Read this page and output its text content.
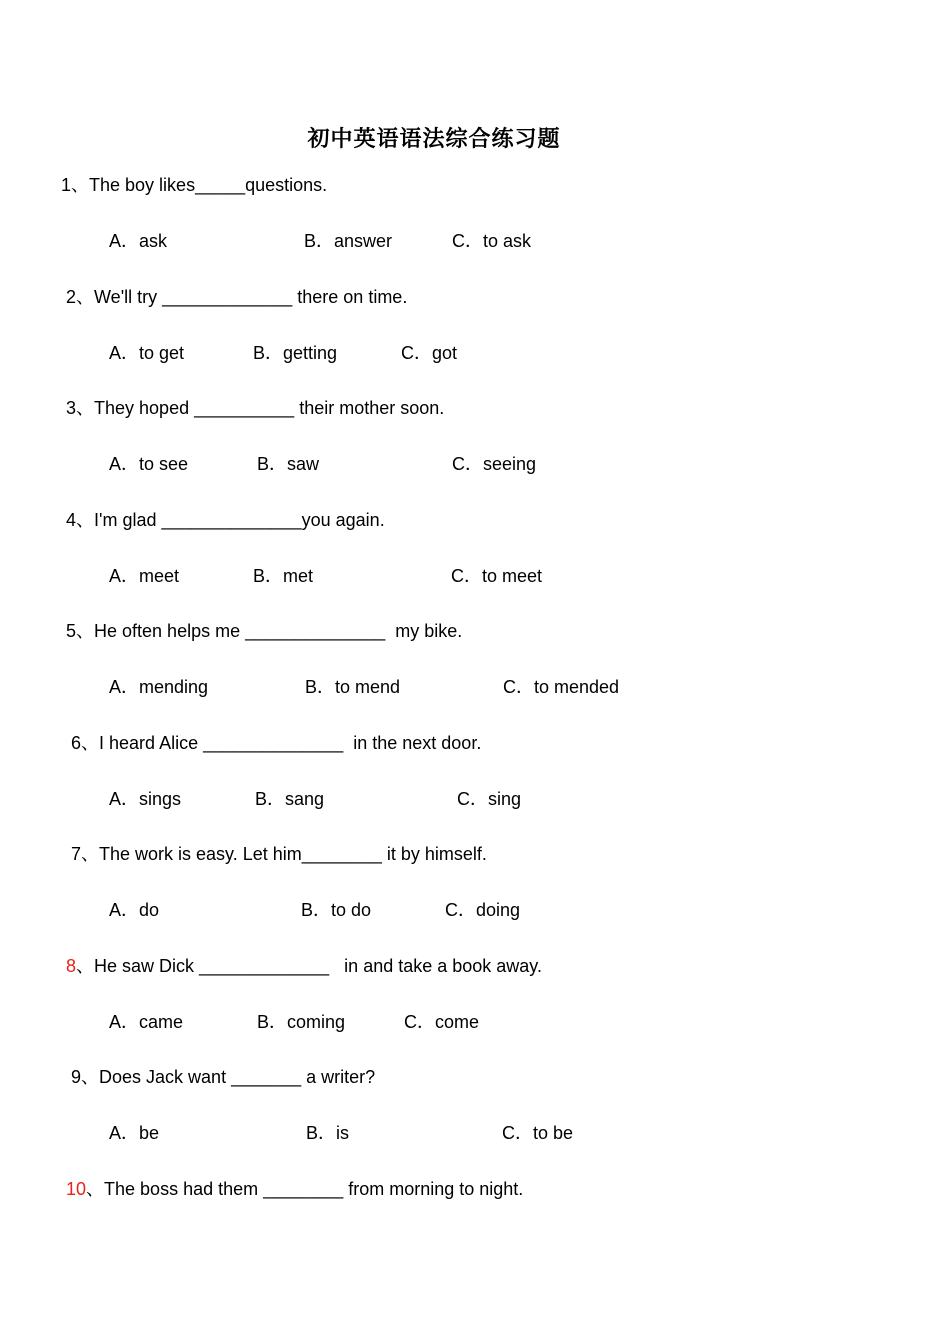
初中英语语法综合练习题
1、The boy likes_____questions.
A．ask	B．answer	C．to ask
2、We'll try _____________ there on time.
A．to get	B．getting	C．got
3、They hoped __________ their mother soon.
A．to see	B．saw	C．seeing
4、I'm glad ______________you again.
A．meet	B．met	C．to meet
5、He often helps me ______________  my bike.
A．mending	B．to mend	C．to mended
6、I heard Alice ______________  in the next door.
A．sings	B．sang	C．sing
7、The work is easy. Let him________ it by himself.
A．do	B．to do	C．doing
8、He saw Dick _____________   in and take a book away.
A．came	B．coming	C．come
9、Does Jack want _______ a writer?
A．be	B．is	C．to be
10、The boss had them ________ from morning to night.
